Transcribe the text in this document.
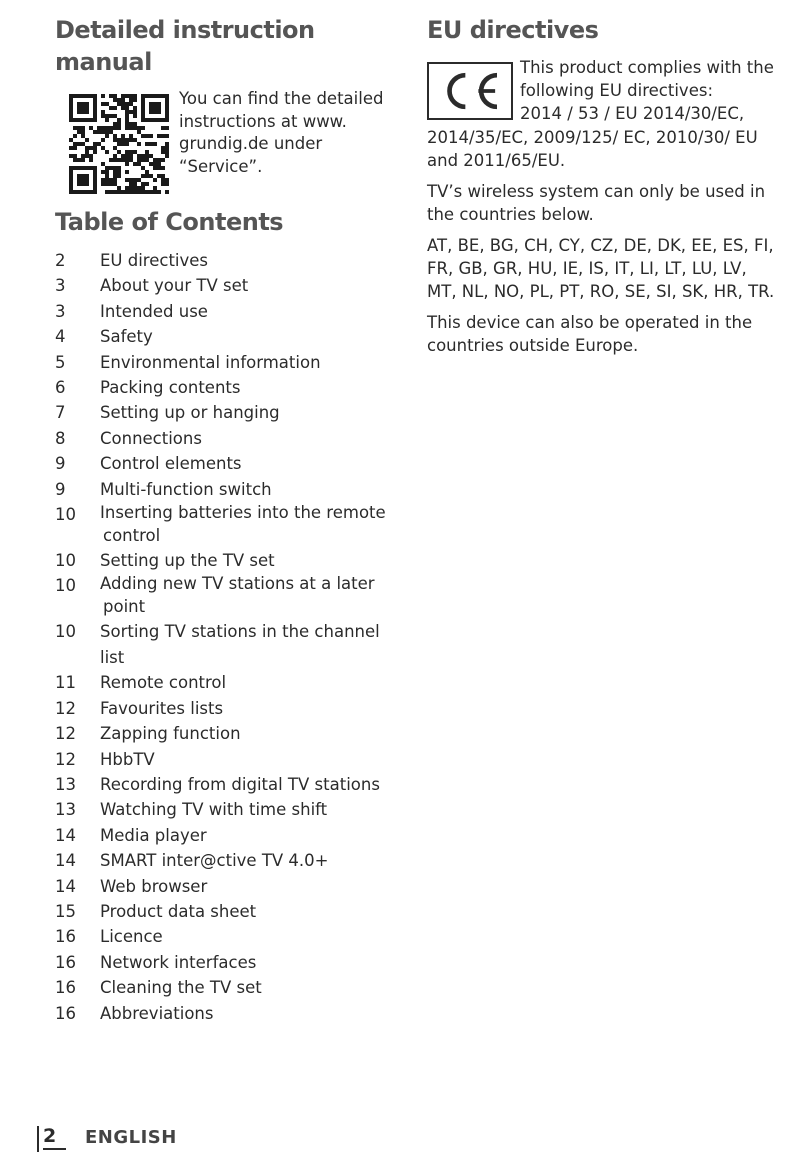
Detailed instruction manual
You can find the detailed instructions at www. grundig.de under “Service”.
Table of Contents
2	EU directives
3	About your TV set
3	Intended use
4	Safety
5	Environmental information
6	Packing contents
7	Setting up or hanging
8	Connections
9	Control elements
9	Multi-function switch
10	Inserting batteries into the remote
control
10	Setting up the TV set
10	Adding new TV stations at a later
point
10	Sorting TV stations in the channel list
11	Remote control
12	Favourites lists
12	Zapping function
12	HbbTV
13	Recording from digital TV stations
13	Watching TV with time shift
14	Media player
14	SMART inter@ctive TV 4.0+
14	Web browser
15	Product data sheet
16	Licence
16	Network interfaces
16	Cleaning the TV set
16	Abbreviations
EU directives
This product complies with the following EU directives:
2014 / 53 / EU 2014/30/EC,
2014/35/EC, 2009/125/ EC, 2010/30/ EU and 2011/65/EU.
TV’s wireless system can only be used in the countries below.
AT, BE, BG, CH, CY, CZ, DE, DK, EE, ES, FI, FR, GB, GR, HU, IE, IS, IT, LI, LT, LU, LV, MT, NL, NO, PL, PT, RO, SE, SI, SK, HR, TR.
This device can also be operated in the countries outside Europe.
2	ENGLISH
